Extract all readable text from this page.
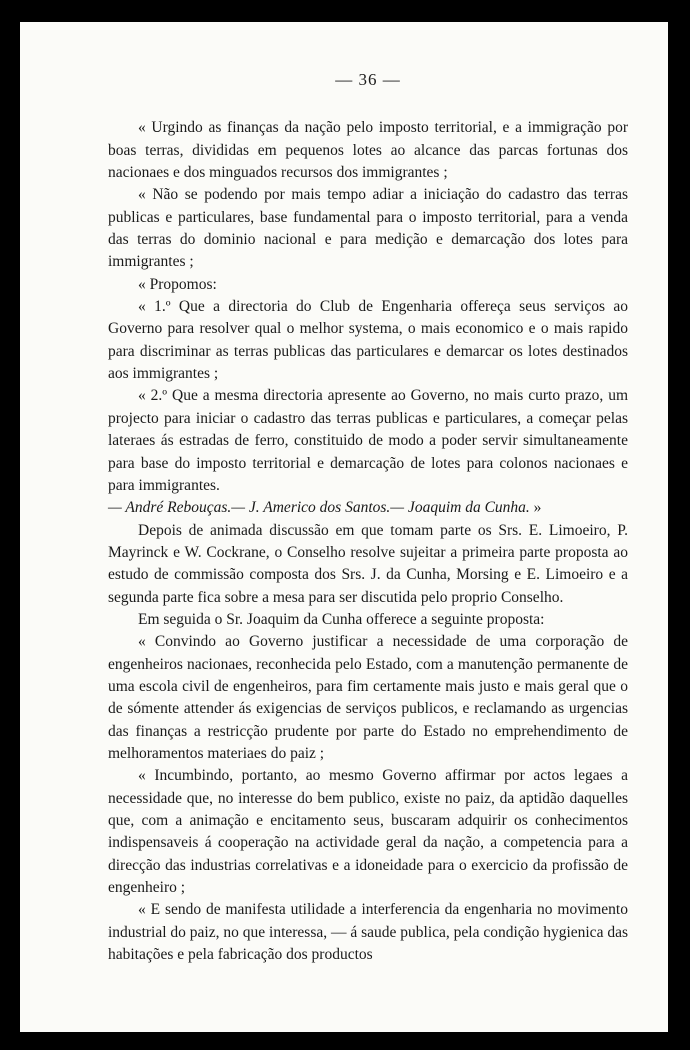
— 36 —

« Urgindo as finanças da nação pelo imposto territorial, e a immigração por boas terras, divididas em pequenos lotes ao alcance das parcas fortunas dos nacionaes e dos minguados recursos dos immigrantes ;

« Não se podendo por mais tempo adiar a iniciação do cadastro das terras publicas e particulares, base fundamental para o imposto territorial, para a venda das terras do dominio nacional e para medição e demarcação dos lotes para immigrantes ;

« Propomos:

« 1.º Que a directoria do Club de Engenharia offereça seus serviços ao Governo para resolver qual o melhor systema, o mais economico e o mais rapido para discriminar as terras publicas das particulares e demarcar os lotes destinados aos immigrantes ;

« 2.º Que a mesma directoria apresente ao Governo, no mais curto prazo, um projecto para iniciar o cadastro das terras publicas e particulares, a começar pelas lateraes ás estradas de ferro, constituido de modo a poder servir simultaneamente para base do imposto territorial e demarcação de lotes para colonos nacionaes e para immigrantes.

— André Rebouças.— J. Americo dos Santos.— Joaquim da Cunha. »

Depois de animada discussão em que tomam parte os Srs. E. Limoeiro, P. Mayrinck e W. Cockrane, o Conselho resolve sujeitar a primeira parte proposta ao estudo de commissão composta dos Srs. J. da Cunha, Morsing e E. Limoeiro e a segunda parte fica sobre a mesa para ser discutida pelo proprio Conselho.

Em seguida o Sr. Joaquim da Cunha offerece a seguinte proposta:

« Convindo ao Governo justificar a necessidade de uma corporação de engenheiros nacionaes, reconhecida pelo Estado, com a manutenção permanente de uma escola civil de engenheiros, para fim certamente mais justo e mais geral que o de sómente attender ás exigencias de serviços publicos, e reclamando as urgencias das finanças a restricção prudente por parte do Estado no emprehendimento de melhoramentos materiaes do paiz ;

« Incumbindo, portanto, ao mesmo Governo affirmar por actos legaes a necessidade que, no interesse do bem publico, existe no paiz, da aptidão daquelles que, com a animação e encitamento seus, buscaram adquirir os conhecimentos indispensaveis á cooperação na actividade geral da nação, a competencia para a direcção das industrias correlativas e a idoneidade para o exercicio da profissão de engenheiro ;

« E sendo de manifesta utilidade a interferencia da engenharia no movimento industrial do paiz, no que interessa, — á saude publica, pela condição hygienica das habitações e pela fabricação dos productos
